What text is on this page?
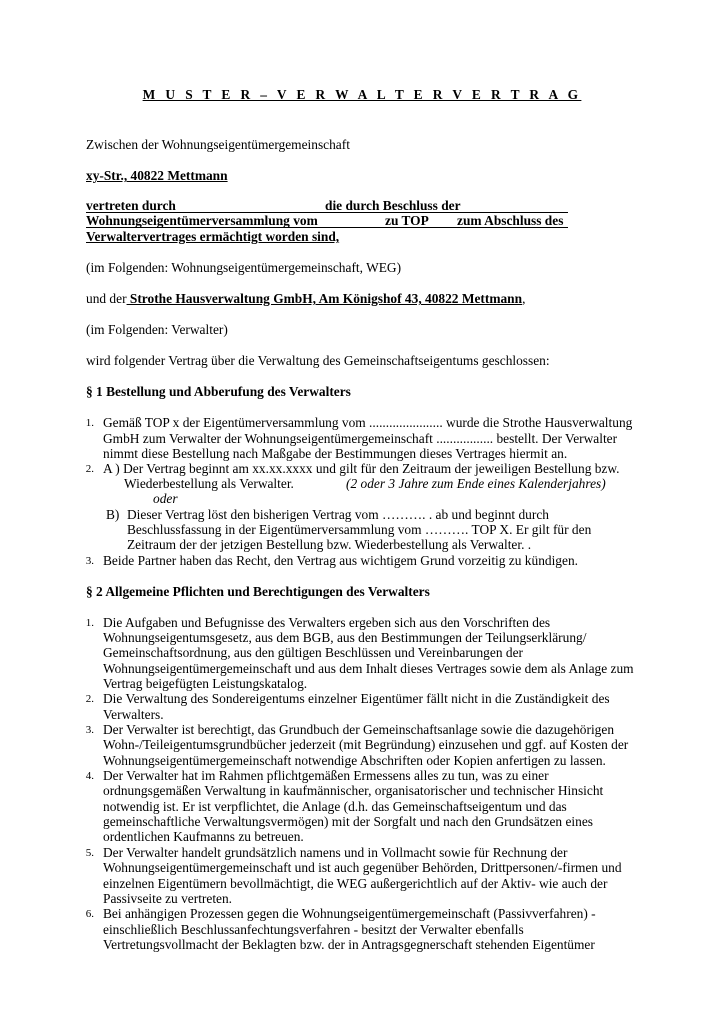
M U S T E R – V E R W A L T E R V E R T R A G
Zwischen der Wohnungseigentümergemeinschaft
xy-Str., 40822 Mettmann
vertreten durch	die durch Beschluss der
Wohnungseigentümerversammlung vom	zu TOP zum Abschluss des
Verwaltervertrages ermächtigt worden sind,
(im Folgenden: Wohnungseigentümergemeinschaft, WEG)
und der Strothe Hausverwaltung GmbH, Am Königshof 43, 40822 Mettmann,
(im Folgenden: Verwalter)
wird folgender Vertrag über die Verwaltung des Gemeinschaftseigentums geschlossen:
§ 1 Bestellung und Abberufung des Verwalters
1. Gemäß TOP x der Eigentümerversammlung vom ...................... wurde die Strothe Hausverwaltung
GmbH zum Verwalter der Wohnungseigentümergemeinschaft ................. bestellt. Der Verwalter
nimmt diese Bestellung nach Maßgabe der Bestimmungen dieses Vertrages hiermit an.
2. A ) Der Vertrag beginnt am xx.xx.xxxx und gilt für den Zeitraum der jeweiligen Bestellung bzw.
Wiederbestellung als Verwalter.	(2 oder 3 Jahre zum Ende eines Kalenderjahres)
oder
B) Dieser Vertrag löst den bisherigen Vertrag vom ………. . ab und beginnt durch
Beschlussfassung in der Eigentümerversammlung vom ………. TOP X. Er gilt für den
Zeitraum der der jetzigen Bestellung bzw. Wiederbestellung als Verwalter. .
3. Beide Partner haben das Recht, den Vertrag aus wichtigem Grund vorzeitig zu kündigen.
§ 2 Allgemeine Pflichten und Berechtigungen des Verwalters
1. Die Aufgaben und Befugnisse des Verwalters ergeben sich aus den Vorschriften des
Wohnungseigentumsgesetz, aus dem BGB, aus den Bestimmungen der Teilungserklärung/
Gemeinschaftsordnung, aus den gültigen Beschlüssen und Vereinbarungen der
Wohnungseigentümergemeinschaft und aus dem Inhalt dieses Vertrages sowie dem als Anlage zum
Vertrag beigefügten Leistungskatalog.
2. Die Verwaltung des Sondereigentums einzelner Eigentümer fällt nicht in die Zuständigkeit des
Verwalters.
3. Der Verwalter ist berechtigt, das Grundbuch der Gemeinschaftsanlage sowie die dazugehörigen
Wohn-/Teileigentumsgrundbücher jederzeit (mit Begründung) einzusehen und ggf. auf Kosten der
Wohnungseigentümergemeinschaft notwendige Abschriften oder Kopien anfertigen zu lassen.
4. Der Verwalter hat im Rahmen pflichtgemäßen Ermessens alles zu tun, was zu einer
ordnungsgemäßen Verwaltung in kaufmännischer, organisatorischer und technischer Hinsicht
notwendig ist. Er ist verpflichtet, die Anlage (d.h. das Gemeinschaftseigentum und das
gemeinschaftliche Verwaltungsvermögen) mit der Sorgfalt und nach den Grundsätzen eines
ordentlichen Kaufmanns zu betreuen.
5. Der Verwalter handelt grundsätzlich namens und in Vollmacht sowie für Rechnung der
Wohnungseigentümergemeinschaft und ist auch gegenüber Behörden, Drittpersonen/-firmen und
einzelnen Eigentümern bevollmächtigt, die WEG außergerichtlich auf der Aktiv- wie auch der
Passivseite zu vertreten.
6. Bei anhängigen Prozessen gegen die Wohnungseigentümergemeinschaft (Passivverfahren) -
einschließlich Beschlussanfechtungsverfahren - besitzt der Verwalter ebenfalls
Vertretungsvollmacht der Beklagten bzw. der in Antragsgegnerschaft stehenden Eigentümer
